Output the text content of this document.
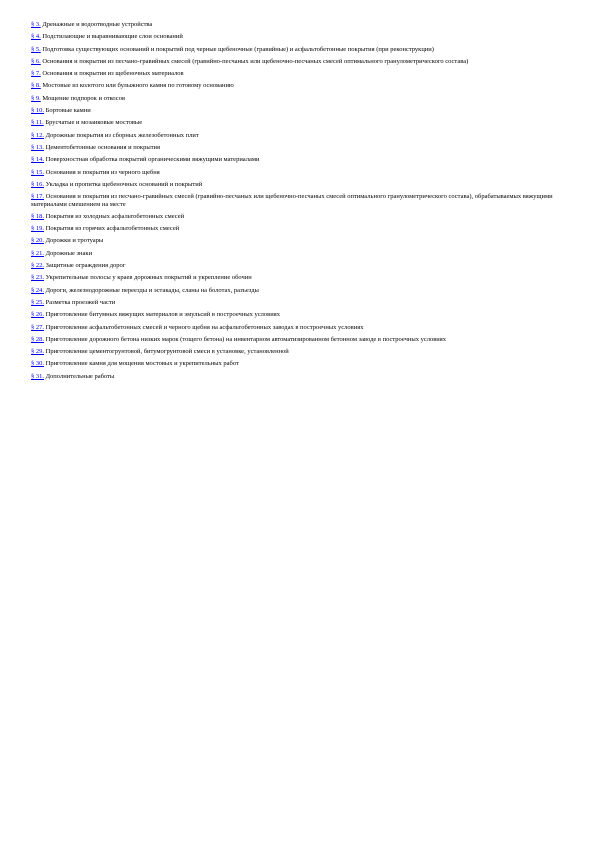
§ 3. Дренажные и водоотводные устройства
§ 4. Подстилающие и выравнивающие слои оснований
§ 5. Подготовка существующих оснований и покрытий под черные щебеночные (гравийные) и асфальтобетонные покрытия (при реконструкции)
§ 6. Основания и покрытия из песчано-гравийных смесей (гравийно-песчаных или щебеночно-песчаных смесей оптимального гранулометрического состава)
§ 7. Основания и покрытия из щебеночных материалов
§ 8. Мостовые из колотого или булыжного камня по готовому основанию
§ 9. Мощение подпорок и откосов
§ 10. Бортовые камни
§ 11. Брусчатые и мозаиковые мостовые
§ 12. Дорожные покрытия из сборных железобетонных плит
§ 13. Цементобетонные основания и покрытия
§ 14. Поверхностная обработка покрытий органическими вяжущими материалами
§ 15. Основания и покрытия из черного щебня
§ 16. Укладка и пропитка щебеночных оснований и покрытий
§ 17. Основания и покрытия из песчано-гравийных смесей (гравийно-песчаных или щебеночно-песчаных смесей оптимального гранулометрического состава), обрабатываемых вяжущими материалами смешением на месте
§ 18. Покрытия из холодных асфальтобетонных смесей
§ 19. Покрытия из горячих асфальтобетонных смесей
§ 20. Дорожки и тротуары
§ 21. Дорожные знаки
§ 22. Защитные ограждения дорог
§ 23. Укрепительные полосы у краев дорожных покрытий и укрепление обочин
§ 24. Дороги, железнодорожные переезды и эстакады, сланы на болотах, разъезды
§ 25. Разметка проезжей части
§ 26. Приготовление битумных вяжущих материалов и эмульсий в построечных условиях
§ 27. Приготовление асфальтобетонных смесей и черного щебня на асфальтобетонных заводах в построечных условиях
§ 28. Приготовление дорожного бетона низких марок (тощего бетона) на инвентарном автоматизированном бетонном заводе в построечных условиях
§ 29. Приготовление цементогрунтовой, битумогрунтовой смеси в установке, установленной
§ 30. Приготовление камня для мощения мостовых и укрепительных работ
§ 31. Дополнительные работы
